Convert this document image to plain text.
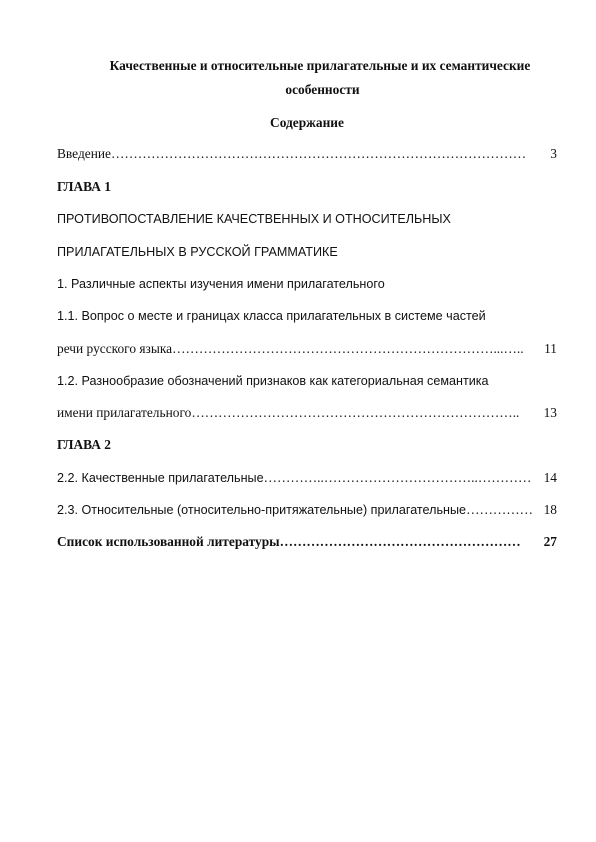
Качественные и относительные прилагательные и их семантические
особенности
Содержание
Введение …………………………………………………………………………………	3
ГЛАВА 1
ПРОТИВОПОСТАВЛЕНИЕ КАЧЕСТВЕННЫХ И ОТНОСИТЕЛЬНЫХ
ПРИЛАГАТЕЛЬНЫХ В РУССКОЙ ГРАММАТИКЕ
1. Различные аспекты изучения имени прилагательного
1.1. Вопрос о месте и границах класса прилагательных в системе частей
речи русского языка ………………………………………………………………...…..	11
1.2. Разнообразие обозначений признаков как категориальная семантика
имени прилагательного ………………………………………………………………..	13
ГЛАВА 2
2.2. Качественные прилагательные …………..……………………………..………… 14
2.3. Относительные (относительно-притяжательные) прилагательные …………… 18
Список использованной литературы ………………………………………………	27
